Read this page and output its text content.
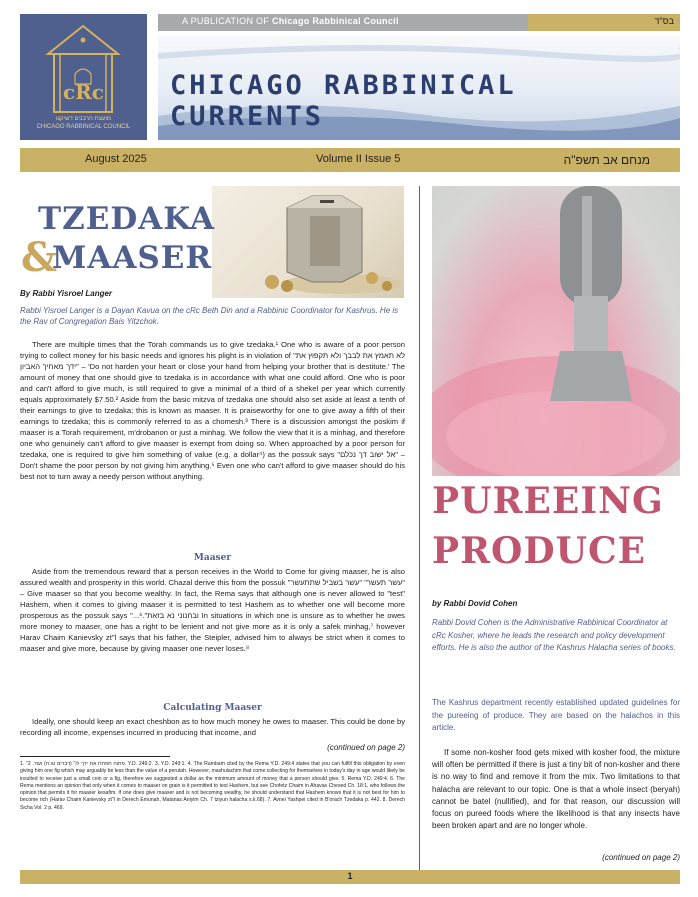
cRc
מועצת הרבנים דשיקגו
CHICAGO RABBINICAL COUNCIL
A PUBLICATION OF Chicago Rabbinical Council	בס"ד
CHICAGO RABBINICAL CURRENTS
August 2025	Volume II Issue 5	מנחם אב תשפ"ה
TZEDAKA
&
MAASER
By Rabbi Yisroel Langer
Rabbi Yisroel Langer is a Dayan Kavua on the cRc Beth Din and a Rabbinic Coordinator for Kashrus. He is the Rav of Congregation Bais Yitzchok.

There are multiple times that the Torah commands us to give tzedaka.¹ One who is aware of a poor person trying to collect money for his basic needs and ignores his plight is in violation of "לא תאמץ את לבבך ולא תקפוץ את ידך מאחיך האביון" – 'Do not harden your heart or close your hand from helping your brother that is destitute.' The amount of money that one should give to tzedaka is in accordance with what one could afford. One who is poor and can't afford to give much, is still required to give a minimal of a third of a shekel per year which currently equals approximately $7.50.² Aside from the basic mitzva of tzedaka one should also set aside at least a tenth of their earnings to give to tzedaka; this is known as maaser. It is praiseworthy for one to give away a fifth of their earnings to tzedaka; this is commonly referred to as a chomesh.³ There is a discussion amongst the poskim if maaser is a Torah requirement, m'drobanon or just a minhag. We follow the view that it is a minhag, and therefore one who genuinely can't afford to give maaser is exempt from doing so. When approached by a poor person for tzedaka, one is required to give him something of value (e.g. a dollar⁴) as the possuk says "אל ישוב דך נכלם" – Don't shame the poor person by not giving him anything.⁵ Even one who can't afford to give maaser should do his best not to turn away a needy person without anything.

Maaser

Aside from the tremendous reward that a person receives in the World to Come for giving maaser, he is also assured wealth and prosperity in this world. Chazal derive this from the possuk "עשר תעשר" "עשר בשביל שתתעשר" – Give maaser so that you become wealthy. In fact, the Rema says that although one is never allowed to "test" Hashem, when it comes to giving maaser it is permitted to test Hashem as to whether one will become more prosperous as the possuk says "...ובחנוני נא בזאת".⁶ In situations in which one is unsure as to whether he owes more money to maaser, one has a right to be lenient and not give more as it is only a safek minhag,⁷ however Harav Chaim Kanievsky zt"l says that his father, the Steipler, advised him to always be strict when it comes to maaser and give more, because by giving maaser one never loses.⁸

Calculating Maaser

Ideally, one should keep an exact cheshbon as to how much money he owes to maaser. This could be done by recording all income, expenses incurred in producing that income, and

(continued on page 2)
1. "פתוח תפתח את ידך לו" (דברים טו:ח) ועוד. 2. Y.D. 249:2. 3. Y.D. 249:1. 4. The Rambam cited by the Rema Y.D. 249:4 states that you can fulfill this obligation by even giving him one fig which may arguably be less than the value of a perutah. However, mashulachim that come collecting for themselves in today's day in age would likely be insulted to receive just a small coin or a fig, therefore we suggested a dollar as the minimum amount of money that a person should give. 5. Rema Y.D. 249:4. 6. The Rema mentions an opinion that only when it comes to maaser on grain is it permitted to test Hashem, but see Chofetz Chaim in Ahavas Chesed Ch. 18:1, who follows the opinion that permits it for maaser kesafim. If one does give maaser and is not becoming wealthy, he should understand that Hashem knows that it is not best for him to become rich (Harav Chaim Kanievsky zt"l in Derech Emunah, Matanas Aniyim Ch. 7 tziyun halacha s.k.68). 7. Avnei Yashpei cited in B'orach Tzedaka p. 442. 8. Derech Sicha Vol. 2 p. 469.
PUREEING
PRODUCE
by Rabbi Dovid Cohen
Rabbi Dovid Cohen is the Administrative Rabbinical Coordinator at cRc Kosher, where he leads the research and policy development efforts. He is also the author of the Kashrus Halacha series of books.
The Kashrus department recently established updated guidelines for the pureeing of produce. They are based on the halachos in this article.

If some non-kosher food gets mixed with kosher food, the mixture will often be permitted if there is just a tiny bit of non-kosher and there is no way to find and remove it from the mix. Two limitations to that halacha are relevant to our topic. One is that a whole insect (beryah) cannot be batel (nullified), and for that reason, our discussion will focus on pureed foods where the likelihood is that any insects have been broken apart and are no longer whole.

(continued on page 2)
1
